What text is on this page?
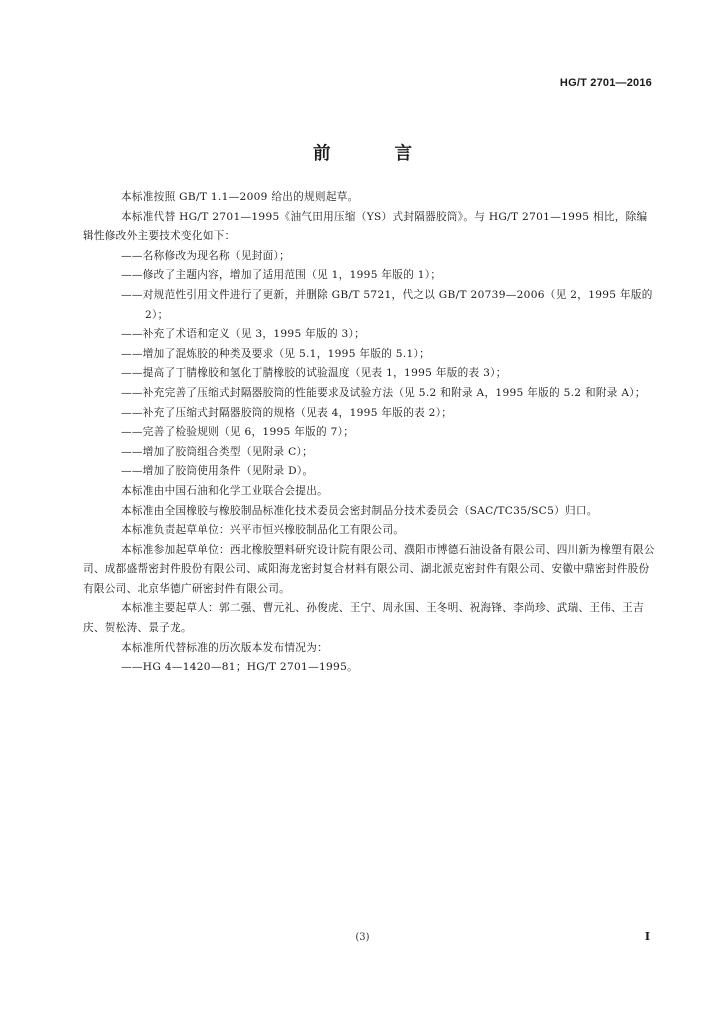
HG/T 2701—2016
前 言

本标准按照 GB/T 1.1—2009 给出的规则起草。

本标准代替 HG/T 2701—1995《油气田用压缩（YS）式封隔器胶筒》。与 HG/T 2701—1995 相比，除编辑性修改外主要技术变化如下：

——名称修改为现名称（见封面）；

——修改了主题内容，增加了适用范围（见 1，1995 年版的 1）；

——对规范性引用文件进行了更新，并删除 GB/T 5721，代之以 GB/T 20739—2006（见 2，1995 年版的 2）；

——补充了术语和定义（见 3，1995 年版的 3）；

——增加了混炼胶的种类及要求（见 5.1，1995 年版的 5.1）；

——提高了丁腈橡胶和氢化丁腈橡胶的试验温度（见表 1，1995 年版的表 3）；

——补充完善了压缩式封隔器胶筒的性能要求及试验方法（见 5.2 和附录 A，1995 年版的 5.2 和附录 A）；

——补充了压缩式封隔器胶筒的规格（见表 4，1995 年版的表 2）；

——完善了检验规则（见 6，1995 年版的 7）；

——增加了胶筒组合类型（见附录 C）；

——增加了胶筒使用条件（见附录 D）。

本标准由中国石油和化学工业联合会提出。

本标准由全国橡胶与橡胶制品标准化技术委员会密封制品分技术委员会（SAC/TC35/SC5）归口。

本标准负责起草单位：兴平市恒兴橡胶制品化工有限公司。

本标准参加起草单位：西北橡胶塑料研究设计院有限公司、濮阳市博德石油设备有限公司、四川新为橡塑有限公司、成都盛帮密封件股份有限公司、咸阳海龙密封复合材料有限公司、湖北派克密封件有限公司、安徽中鼎密封件股份有限公司、北京华德广研密封件有限公司。

本标准主要起草人：郭二强、曹元礼、孙俊虎、王宁、周永国、王冬明、祝海锋、李尚珍、武瑞、王伟、王吉庆、贺松涛、景子龙。

本标准所代替标准的历次版本发布情况为：

——HG 4—1420—81；HG/T 2701—1995。

(3)	I
